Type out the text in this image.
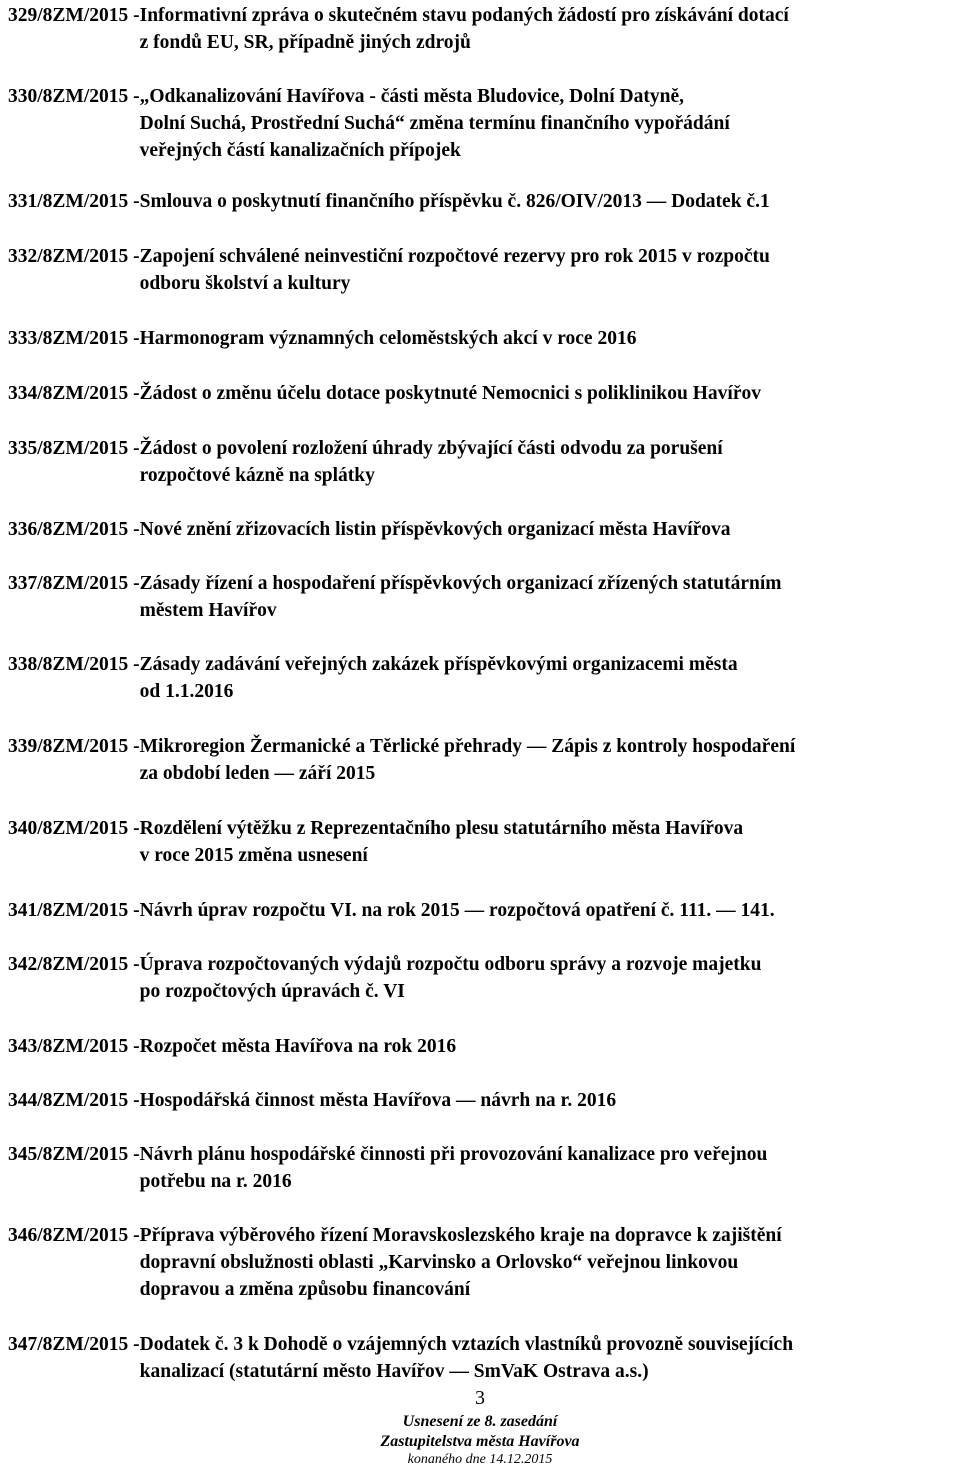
329/8ZM/2015 - Informativní zpráva o skutečném stavu podaných žádostí pro získávání dotací
z fondů EU, SR, případně jiných zdrojů
330/8ZM/2015 - „Odkanalizování Havířova - části města Bludovice, Dolní Datyně,
Dolní Suchá, Prostřední Suchá“ změna termínu finančního vypořádání
veřejných částí kanalizačních přípojek
331/8ZM/2015 - Smlouva o poskytnutí finančního příspěvku č. 826/OIV/2013 — Dodatek č.1
332/8ZM/2015 - Zapojení schválené neinvestiční rozpočtové rezervy pro rok 2015 v rozpočtu
odboru školství a kultury
333/8ZM/2015 - Harmonogram významných celoměstských akcí v roce 2016
334/8ZM/2015 - Žádost o změnu účelu dotace poskytnuté Nemocnici s poliklinikou Havířov
335/8ZM/2015 - Žádost o povolení rozložení úhrady zbývající části odvodu za porušení
rozpočtové kázně na splátky
336/8ZM/2015 - Nové znění zřizovacích listin příspěvkových organizací města Havířova
337/8ZM/2015 - Zásady řízení a hospodaření příspěvkových organizací zřízených statutárním
městem Havířov
338/8ZM/2015 - Zásady zadávání veřejných zakázek příspěvkovými organizacemi města
od 1.1.2016
339/8ZM/2015 - Mikroregion Žermanické a Těrlické přehrady — Zápis z kontroly hospodaření
za období leden — září 2015
340/8ZM/2015 - Rozdělení výtěžku z Reprezentačního plesu statutárního města Havířova
v roce 2015 změna usnesení
341/8ZM/2015 - Návrh úprav rozpočtu VI. na rok 2015 — rozpočtová opatření č. 111. — 141.
342/8ZM/2015 - Úprava rozpočtovaných výdajů rozpočtu odboru správy a rozvoje majetku
po rozpočtových úpravách č. VI
343/8ZM/2015 - Rozpočet města Havířova na rok 2016
344/8ZM/2015 - Hospodářská činnost města Havířova — návrh na r. 2016
345/8ZM/2015 - Návrh plánu hospodářské činnosti při provozování kanalizace pro veřejnou
potřebu na r. 2016
346/8ZM/2015 - Příprava výběrového řízení Moravskoslezského kraje na dopravce k zajištění
dopravní obslužnosti oblasti „Karvinsko a Orlovsko“ veřejnou linkovou
dopravou a změna způsobu financování
347/8ZM/2015 - Dodatek č. 3 k Dohodě o vzájemných vztazích vlastníků provozně souvisejících
kanalizací (statutární město Havířov — SmVaK Ostrava a.s.)
3
Usnesení ze 8. zasedání
Zastupitelstva města Havířova
konaného dne 14.12.2015
